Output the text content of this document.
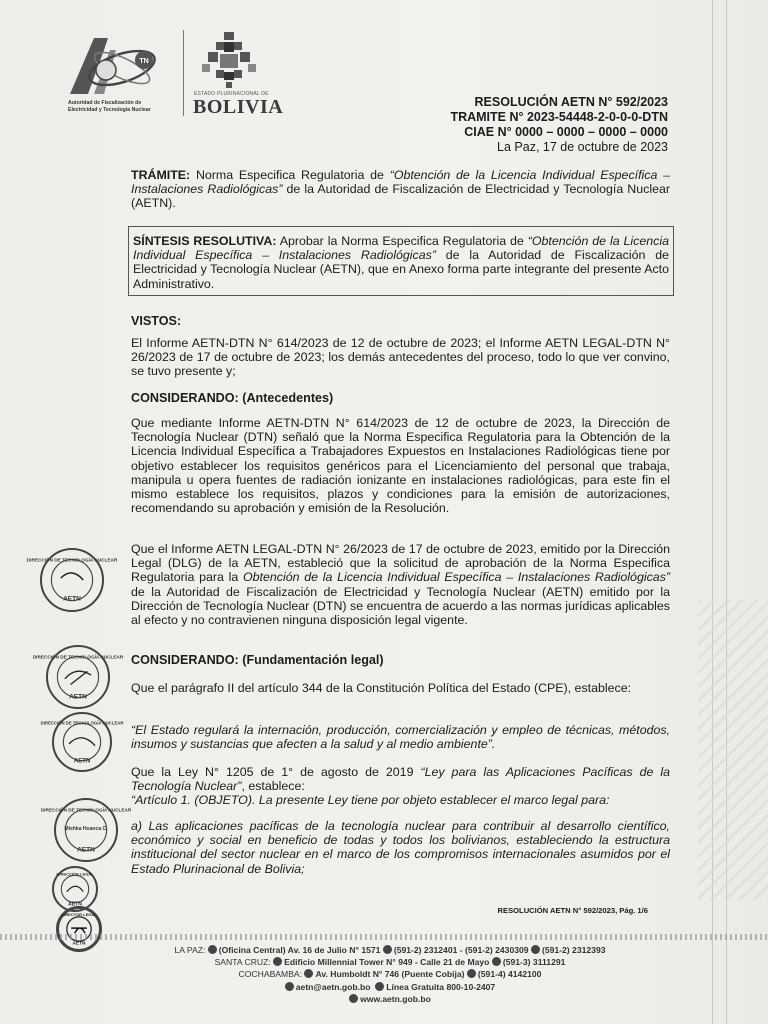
TN
Autoridad de Fiscalización de
Electricidad y Tecnología Nuclear
ESTADO PLURINACIONAL DE
BOLIVIA	RESOLUCIÓN AETN N° 592/2023
TRAMITE N° 2023-54448-2-0-0-0-DTN
CIAE N° 0000 – 0000 – 0000 – 0000
La Paz, 17 de octubre de 2023
TRÁMITE: Norma Especifica Regulatoria de “Obtención de la Licencia Individual Específica – Instalaciones Radiológicas” de la Autoridad de Fiscalización de Electricidad y Tecnología Nuclear (AETN).
SÍNTESIS RESOLUTIVA: Aprobar la Norma Especifica Regulatoria de “Obtención de la Licencia Individual Específica – Instalaciones Radiológicas” de la Autoridad de Fiscalización de Electricidad y Tecnología Nuclear (AETN), que en Anexo forma parte integrante del presente Acto Administrativo.
VISTOS:
El Informe AETN-DTN N° 614/2023 de 12 de octubre de 2023; el Informe AETN LEGAL-DTN N° 26/2023 de 17 de octubre de 2023; los demás antecedentes del proceso, todo lo que ver convino, se tuvo presente y;
CONSIDERANDO: (Antecedentes)
Que mediante Informe AETN-DTN N° 614/2023 de 12 de octubre de 2023, la Dirección de Tecnología Nuclear (DTN) señaló que la Norma Especifica Regulatoria para la Obtención de la Licencia Individual Específica a Trabajadores Expuestos en Instalaciones Radiológicas tiene por objetivo establecer los requisitos genéricos para el Licenciamiento del personal que trabaja, manipula u opera fuentes de radiación ionizante en instalaciones radiológicas, para este fin el mismo establece los requisitos, plazos y condiciones para la emisión de autorizaciones, recomendando su aprobación y emisión de la Resolución.
Que el Informe AETN LEGAL-DTN N° 26/2023 de 17 de octubre de 2023, emitido por la Dirección Legal (DLG) de la AETN, estableció que la solicitud de aprobación de la Norma Especifica Regulatoria para la Obtención de la Licencia Individual Específica – Instalaciones Radiológicas” de la Autoridad de Fiscalización de Electricidad y Tecnología Nuclear (AETN) emitido por la Dirección de Tecnología Nuclear (DTN) se encuentra de acuerdo a las normas jurídicas aplicables al efecto y no contravienen ninguna disposición legal vigente.
CONSIDERANDO: (Fundamentación legal)
Que el parágrafo II del artículo 344 de la Constitución Política del Estado (CPE), establece:
“El Estado regulará la internación, producción, comercialización y empleo de técnicas, métodos, insumos y sustancias que afecten a la salud y al medio ambiente”.
Que la Ley N° 1205 de 1° de agosto de 2019 “Ley para las Aplicaciones Pacíficas de la Tecnología Nuclear”, establece:
“Artículo 1. (OBJETO). La presente Ley tiene por objeto establecer el marco legal para:
a) Las aplicaciones pacíficas de la tecnología nuclear para contribuir al desarrollo científico, económico y social en beneficio de todas y todos los bolivianos, estableciendo la estructura institucional del sector nuclear en el marco de los compromisos internacionales asumidos por el Estado Plurinacional de Bolivia;
DIRECCIÓN DE TECNOLOGÍA NUCLEAR
AETN
DIRECCIÓN DE TECNOLOGÍA NUCLEAR
AETN
DIRECCIÓN DE TECNOLOGÍA NUCLEAR
AETN
DIRECCIÓN DE TECNOLOGÍA NUCLEAR
Mishka Huanca C.
AETN
DIRECCIÓN LEGAL
AETN
DIRECTOR LEGAL
AETN
RESOLUCIÓN AETN N° 592/2023, Pág. 1/6
LA PAZ: (Oficina Central) Av. 16 de Julio N° 1571 (591-2) 2312401 - (591-2) 2430309 (591-2) 2312393
SANTA CRUZ: Edificio Millennial Tower N° 949 - Calle 21 de Mayo (591-3) 3111291
COCHABAMBA: Av. Humboldt N° 746 (Puente Cobija) (591-4) 4142100
aetn@aetn.gob.bo Línea Gratuita 800-10-2407
www.aetn.gob.bo
